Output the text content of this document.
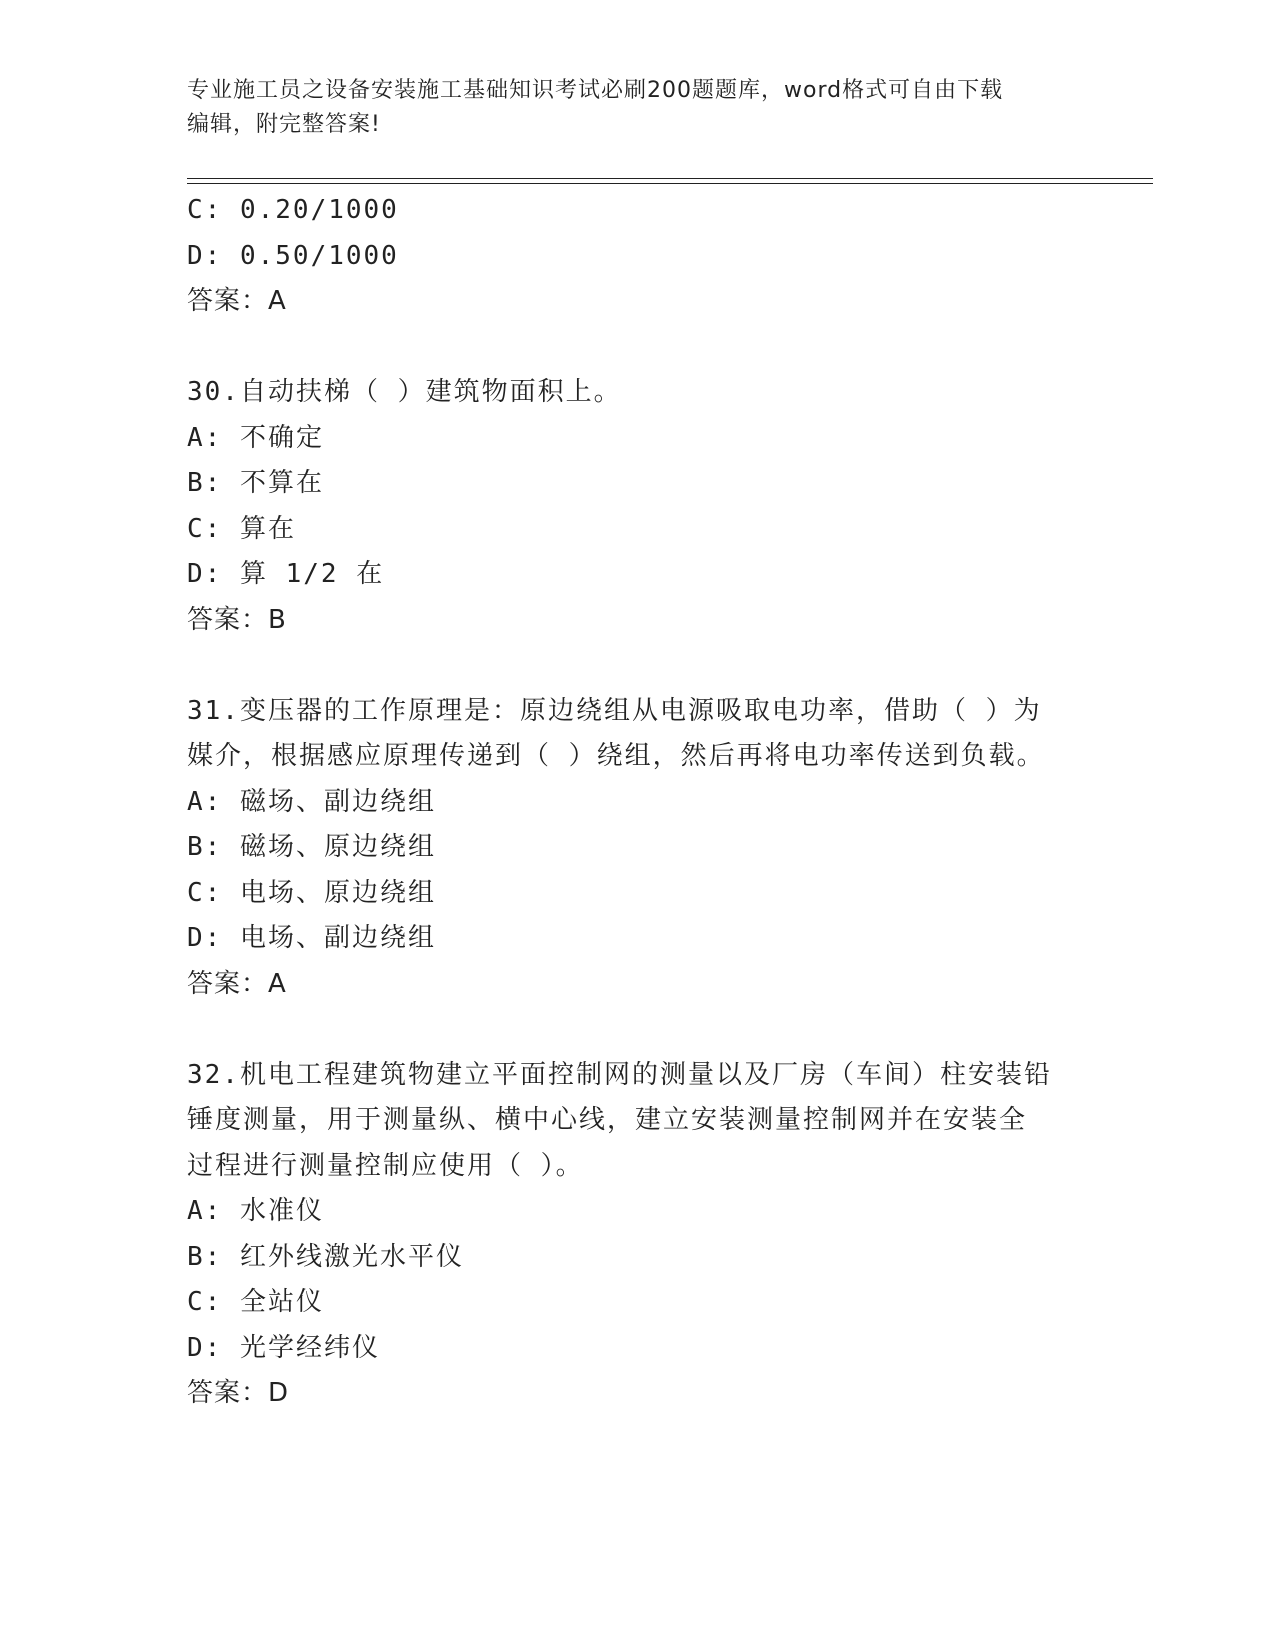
专业施工员之设备安装施工基础知识考试必刷200题题库，word格式可自由下载
编辑，附完整答案!
C: 0.20/1000
D: 0.50/1000
答案：A
30.自动扶梯（ ）建筑物面积上。
A: 不确定
B: 不算在
C: 算在
D: 算 1/2 在
答案：B
31.变压器的工作原理是：原边绕组从电源吸取电功率，借助（ ）为
媒介，根据感应原理传递到（ ）绕组，然后再将电功率传送到负载。
A: 磁场、副边绕组
B: 磁场、原边绕组
C: 电场、原边绕组
D: 电场、副边绕组
答案：A
32.机电工程建筑物建立平面控制网的测量以及厂房（车间）柱安装铅
锤度测量，用于测量纵、横中心线，建立安装测量控制网并在安装全
过程进行测量控制应使用（ ）。
A: 水准仪
B: 红外线激光水平仪
C: 全站仪
D: 光学经纬仪
答案：D
